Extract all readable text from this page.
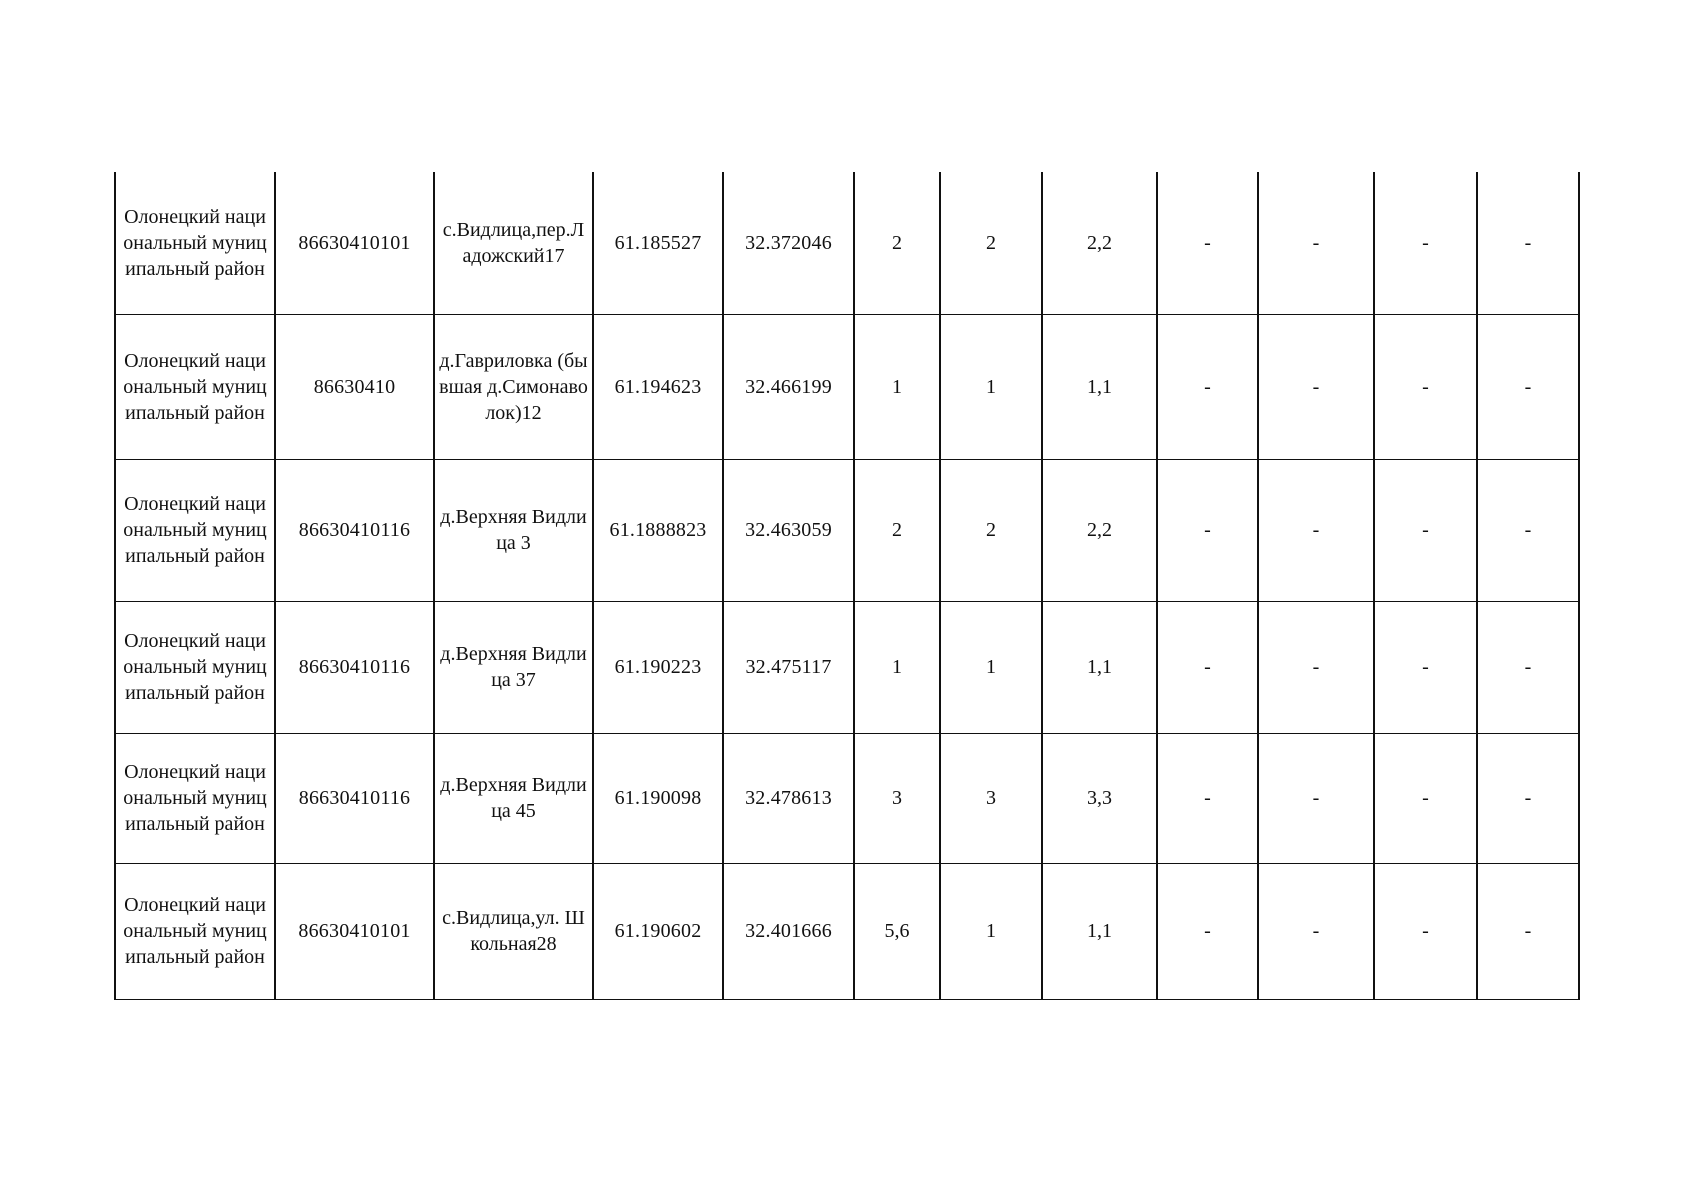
Олонецкий национальный муниципальный район	86630410101	с.Видлица,пер.Ладожский17	61.185527	32.372046	2	2	2,2	-	-	-	-
Олонецкий национальный муниципальный район	86630410	д.Гавриловка (бывшая д.Симонаволок)12	61.194623	32.466199	1	1	1,1	-	-	-	-
Олонецкий национальный муниципальный район	86630410116	д.Верхняя Видлица 3	61.1888823	32.463059	2	2	2,2	-	-	-	-
Олонецкий национальный муниципальный район	86630410116	д.Верхняя Видлица 37	61.190223	32.475117	1	1	1,1	-	-	-	-
Олонецкий национальный муниципальный район	86630410116	д.Верхняя Видлица 45	61.190098	32.478613	3	3	3,3	-	-	-	-
Олонецкий национальный муниципальный район	86630410101	с.Видлица,ул. Школьная28	61.190602	32.401666	5,6	1	1,1	-	-	-	-
